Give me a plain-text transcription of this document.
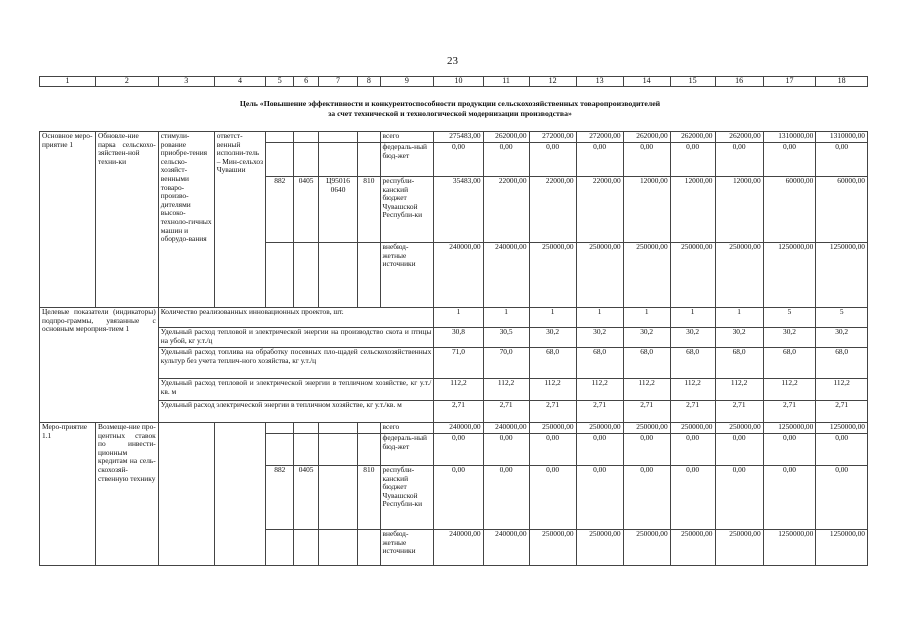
23
1	2	3	4	5	6	7	8	9	10	11	12	13	14	15	16	17	18
Цель «Повышение эффективности и конкурентоспособности продукции сельскохозяйственных товаропроизводителей
за счет технической и технологической модернизации производства»
Основное меро-приятие 1	Обновле-ние парка сельскохо-зяйствен-ной техни-ки	стимули-рование приобре-тения сельско-хозяйст-венными товаро-произво-дителями высоко-техноло-гичных машин и оборудо-вания	ответст-венный исполни-тель – Мин-сельхоз Чувашии					всего	275483,00	262000,00	272000,00	272000,00	262000,00	262000,00	262000,00	1310000,00	1310000,00
								федераль-ный бюд-жет	0,00	0,00	0,00	0,00	0,00	0,00	0,00	0,00	0,00
				882	0405	Ц95016 0640	810	республи-канский бюджет Чувашской Республи-ки	35483,00	22000,00	22000,00	22000,00	12000,00	12000,00	12000,00	60000,00	60000,00
								внебюд-жетные источники	240000,00	240000,00	250000,00	250000,00	250000,00	250000,00	250000,00	1250000,00	1250000,00
Целевые показатели (индикаторы) подпро-граммы, увязанные с основным мероприя-тием 1		Количество реализованных инновационных проектов, шт.							1	1	1	1	1	1	1	5	5
		Удельный расход тепловой и электрической энергии на производство скота и птицы на убой, кг у.т./ц							30,8	30,5	30,2	30,2	30,2	30,2	30,2	30,2	30,2
		Удельный расход топлива на обработку посевных пло-щадей сельскохозяйственных культур без учета теплич-ного хозяйства, кг у.т./ц							71,0	70,0	68,0	68,0	68,0	68,0	68,0	68,0	68,0
		Удельный расход тепловой и электрической энергии в тепличном хозяйстве, кг у.т./кв. м							112,2	112,2	112,2	112,2	112,2	112,2	112,2	112,2	112,2
		Удельный расход электрической энергии в тепличном хозяйстве, кг у.т./кв. м							2,71	2,71	2,71	2,71	2,71	2,71	2,71	2,71	2,71
Меро-приятие 1.1	Возмеще-ние про-центных ставок по инвести-ционным кредитам на сель-скохозяй-ственную технику							всего	240000,00	240000,00	250000,00	250000,00	250000,00	250000,00	250000,00	1250000,00	1250000,00
								федераль-ный бюд-жет	0,00	0,00	0,00	0,00	0,00	0,00	0,00	0,00	0,00
				882	0405		810	республи-канский бюджет Чувашской Республи-ки	0,00	0,00	0,00	0,00	0,00	0,00	0,00	0,00	0,00
								внебюд-жетные источники	240000,00	240000,00	250000,00	250000,00	250000,00	250000,00	250000,00	1250000,00	1250000,00
